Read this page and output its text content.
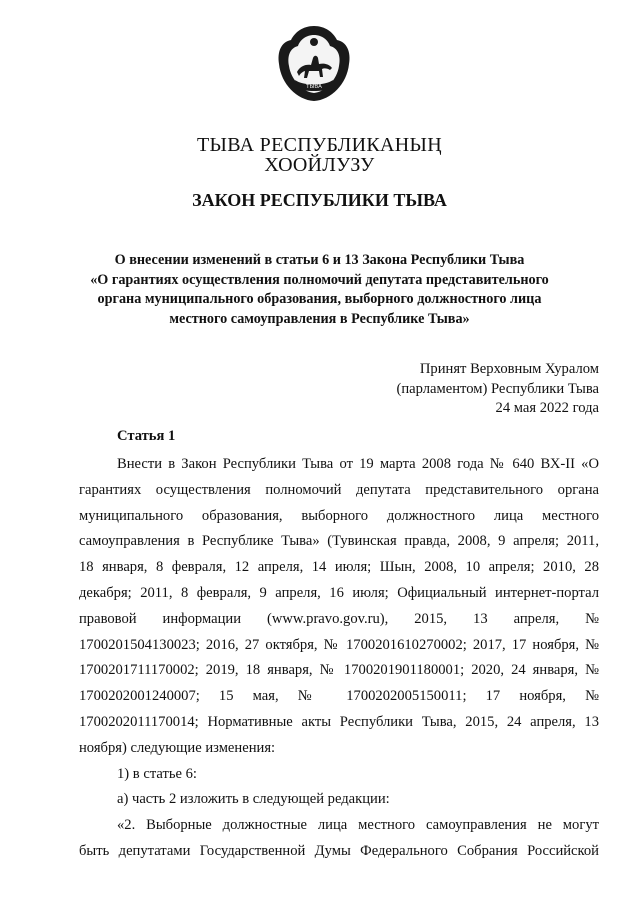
ТЫВА
ТЫВА РЕСПУБЛИКАНЫҢ
ХООЙЛУЗУ
ЗАКОН РЕСПУБЛИКИ ТЫВА
О внесении изменений в статьи 6 и 13 Закона Республики Тыва
«О гарантиях осуществления полномочий депутата представительного
органа муниципального образования, выборного должностного лица
местного самоуправления в Республике Тыва»
Принят Верховным Хуралом
(парламентом) Республики Тыва
24 мая 2022 года
Статья 1
Внести в Закон Республики Тыва от 19 марта 2008 года № 640 ВХ-II «О
гарантиях осуществления полномочий депутата представительного органа
муниципального образования, выборного должностного лица местного
самоуправления в Республике Тыва» (Тувинская правда, 2008, 9 апреля; 2011,
18 января, 8 февраля, 12 апреля, 14 июля; Шын, 2008, 10 апреля; 2010, 28
декабря; 2011, 8 февраля, 9 апреля, 16 июля; Официальный интернет-портал
правовой информации (www.pravo.gov.ru), 2015, 13 апреля, №
1700201504130023; 2016, 27 октября, № 1700201610270002; 2017, 17 ноября, №
1700201711170002; 2019, 18 января, № 1700201901180001; 2020, 24 января, №
1700202001240007; 15 мая, № 1700202005150011; 17 ноября, №
1700202011170014; Нормативные акты Республики Тыва, 2015, 24 апреля, 13
ноября) следующие изменения:
1) в статье 6:
а) часть 2 изложить в следующей редакции:
«2. Выборные должностные лица местного самоуправления не могут
быть депутатами Государственной Думы Федерального Собрания Российской
